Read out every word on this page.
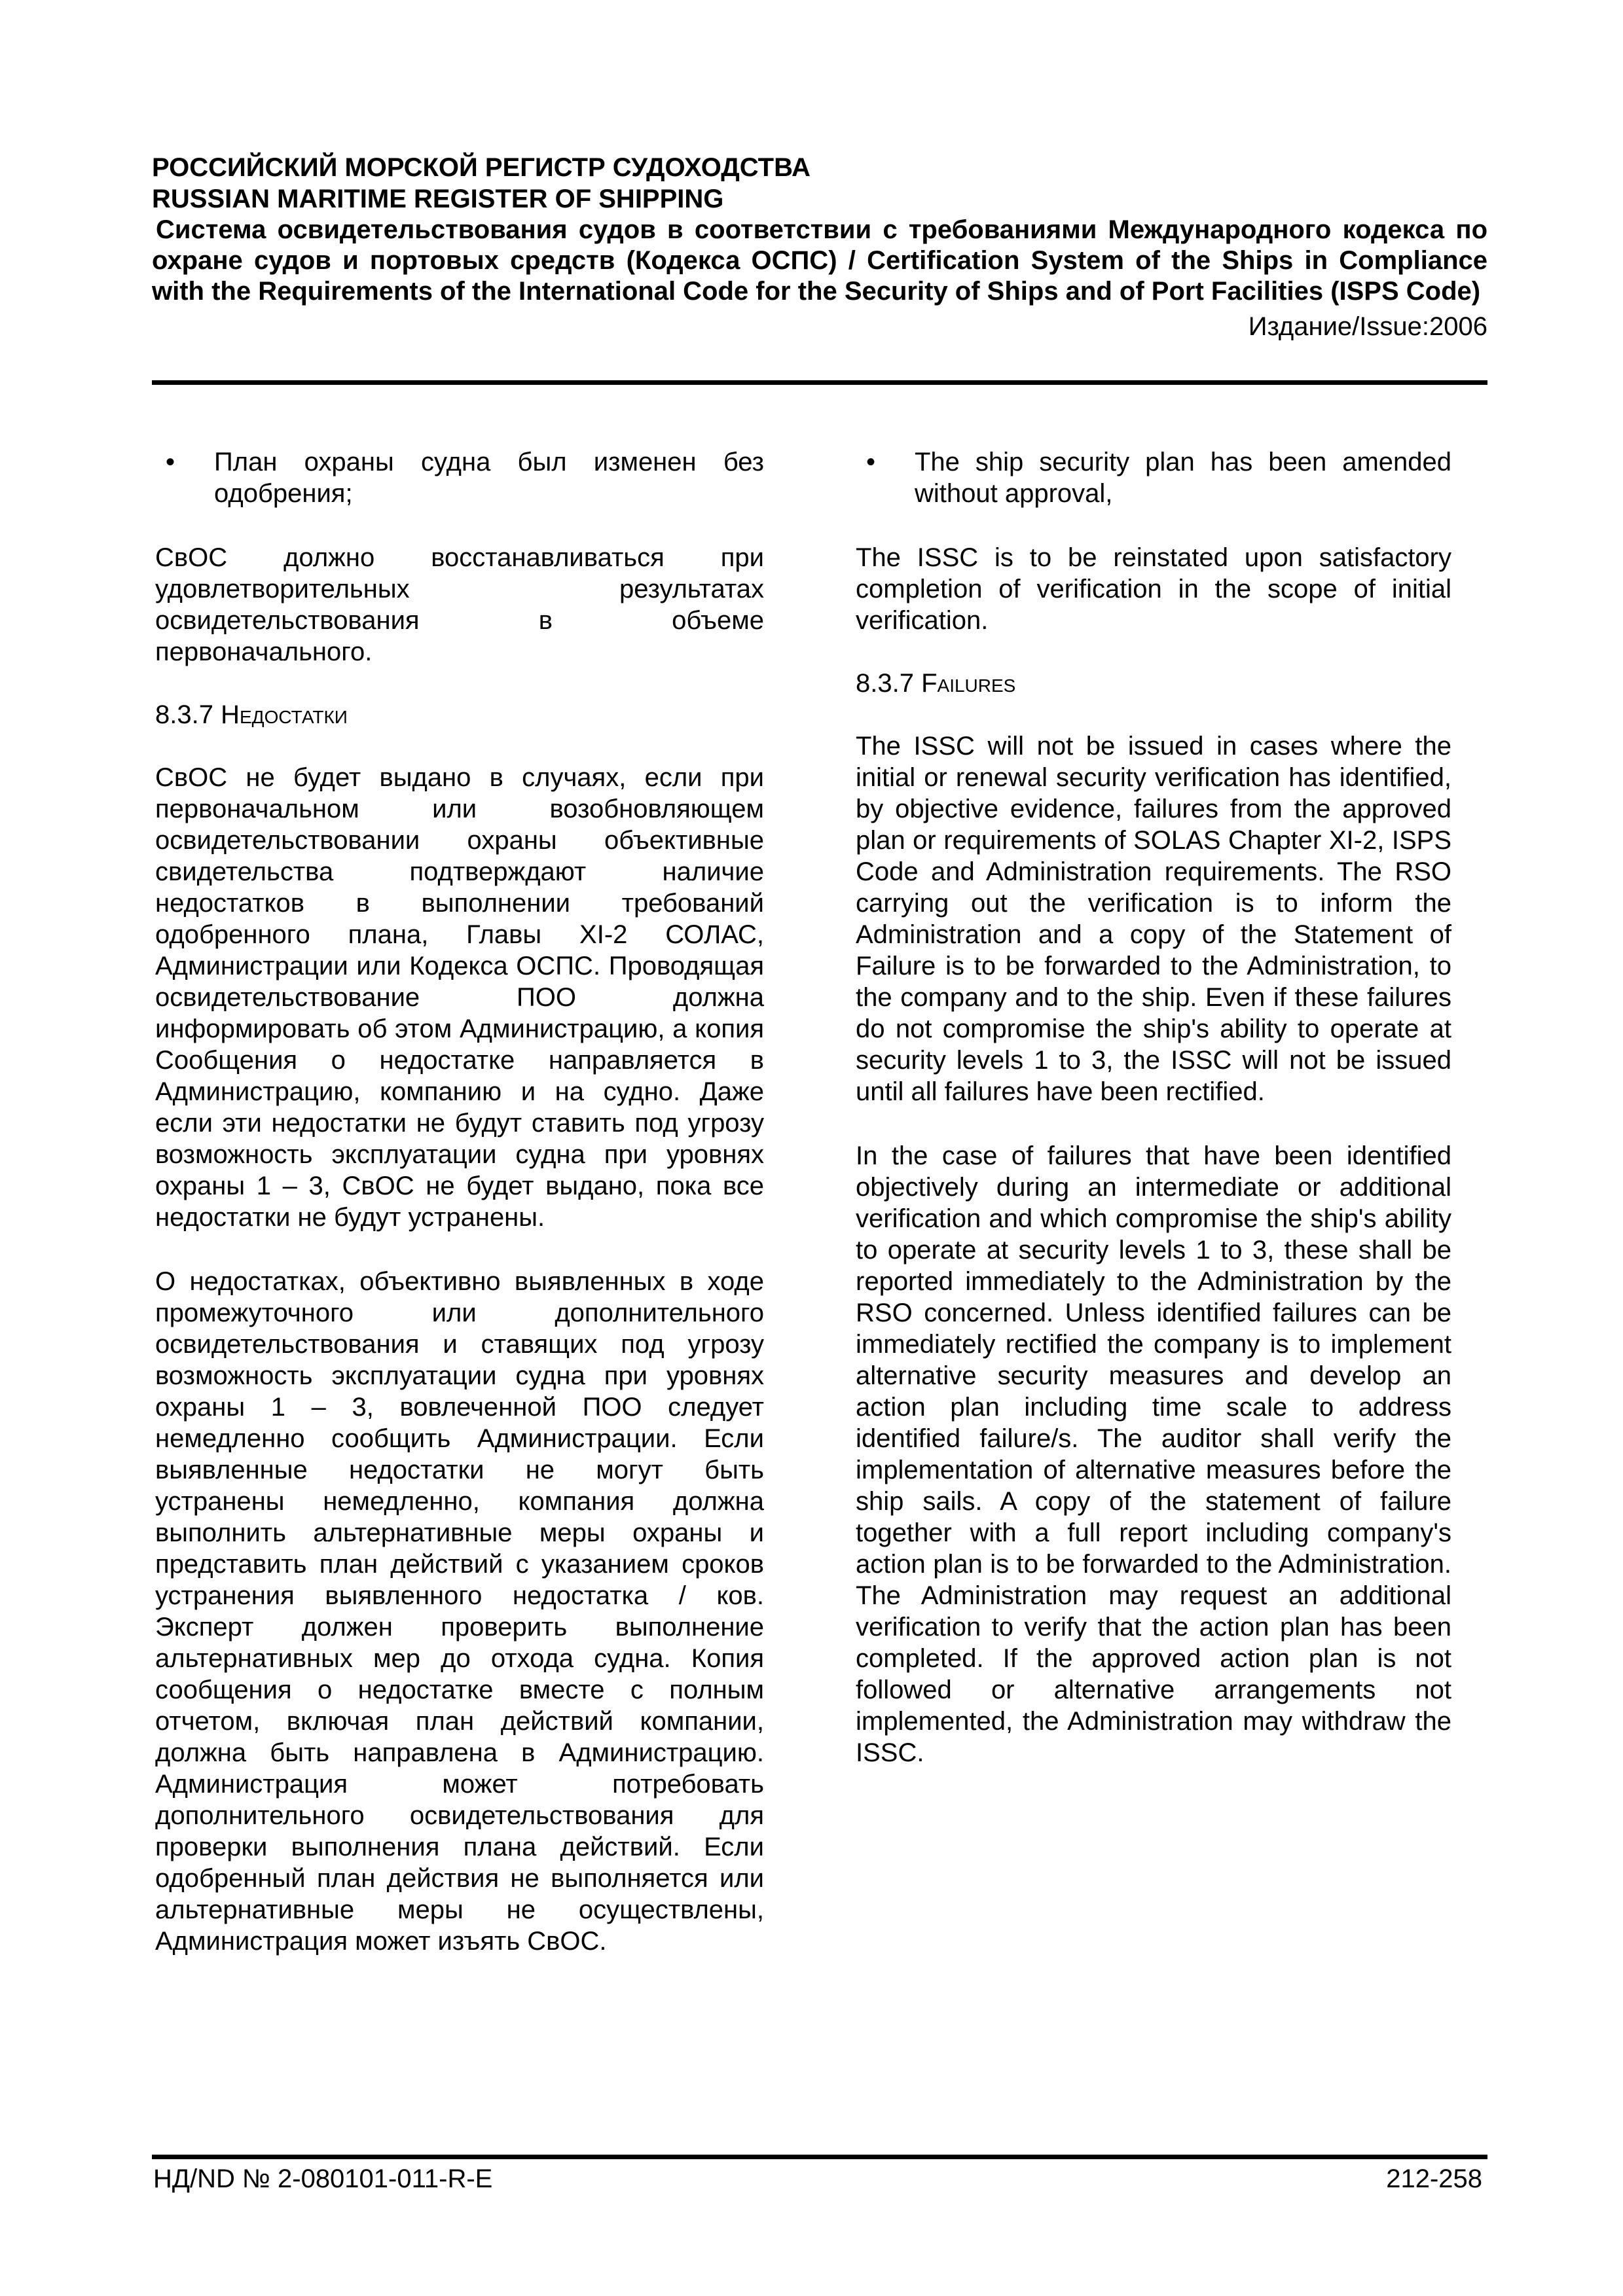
РОССИЙСКИЙ МОРСКОЙ РЕГИСТР СУДОХОДСТВА

RUSSIAN MARITIME REGISTER OF SHIPPING

Система освидетельствования судов в соответствии с требованиями Международного кодекса по охране судов и портовых средств (Кодекса ОСПС) / Certification System of the Ships in Compliance with the Requirements of the International Code for the Security of Ships and of Port Facilities (ISPS Code)

Издание/Issue:2006

•	План охраны судна был изменен без одобрения;

СвОС должно восстанавливаться при удовлетворительных результатах освидетельствования в объеме первоначального.

8.3.7 Недостатки

СвОС не будет выдано в случаях, если при первоначальном или возобновляющем освидетельствовании охраны объективные свидетельства подтверждают наличие недостатков в выполнении требований одобренного плана, Главы XI-2 СОЛАС, Администрации или Кодекса ОСПС. Проводящая освидетельствование ПОО должна информировать об этом Администрацию, а копия Сообщения о недостатке направляется в Администрацию, компанию и на судно. Даже если эти недостатки не будут ставить под угрозу возможность эксплуатации судна при уровнях охраны 1 – 3, СвОС не будет выдано, пока все недостатки не будут устранены.

О недостатках, объективно выявленных в ходе промежуточного или дополнительного освидетельствования и ставящих под угрозу возможность эксплуатации судна при уровнях охраны 1 – 3, вовлеченной ПОО следует немедленно сообщить Администрации. Если выявленные недостатки не могут быть устранены немедленно, компания должна выполнить альтернативные меры охраны и представить план действий с указанием сроков устранения выявленного недостатка / ков. Эксперт должен проверить выполнение альтернативных мер до отхода судна. Копия сообщения о недостатке вместе с полным отчетом, включая план действий компании, должна быть направлена в Администрацию. Администрация может потребовать дополнительного освидетельствования для проверки выполнения плана действий. Если одобренный план действия не выполняется или альтернативные меры не осуществлены, Администрация может изъять СвОС.

•	The ship security plan has been amended without approval,

The ISSC is to be reinstated upon satisfactory completion of verification in the scope of initial verification.

8.3.7 Failures

The ISSC will not be issued in cases where the initial or renewal security verification has identified, by objective evidence, failures from the approved plan or requirements of SOLAS Chapter XI-2, ISPS Code and Administration requirements. The RSO carrying out the verification is to inform the Administration and a copy of the Statement of Failure is to be forwarded to the Administration, to the company and to the ship. Even if these failures do not compromise the ship's ability to operate at security levels 1 to 3, the ISSC will not be issued until all failures have been rectified.

In the case of failures that have been identified objectively during an intermediate or additional verification and which compromise the ship's ability to operate at security levels 1 to 3, these shall be reported immediately to the Administration by the RSO concerned. Unless identified failures can be immediately rectified the company is to implement alternative security measures and develop an action plan including time scale to address identified failure/s. The auditor shall verify the implementation of alternative measures before the ship sails. A copy of the statement of failure together with a full report including company's action plan is to be forwarded to the Administration. The Administration may request an additional verification to verify that the action plan has been completed. If the approved action plan is not followed or alternative arrangements not implemented, the Administration may withdraw the ISSC.

НД/ND № 2-080101-011-R-E	212-258
